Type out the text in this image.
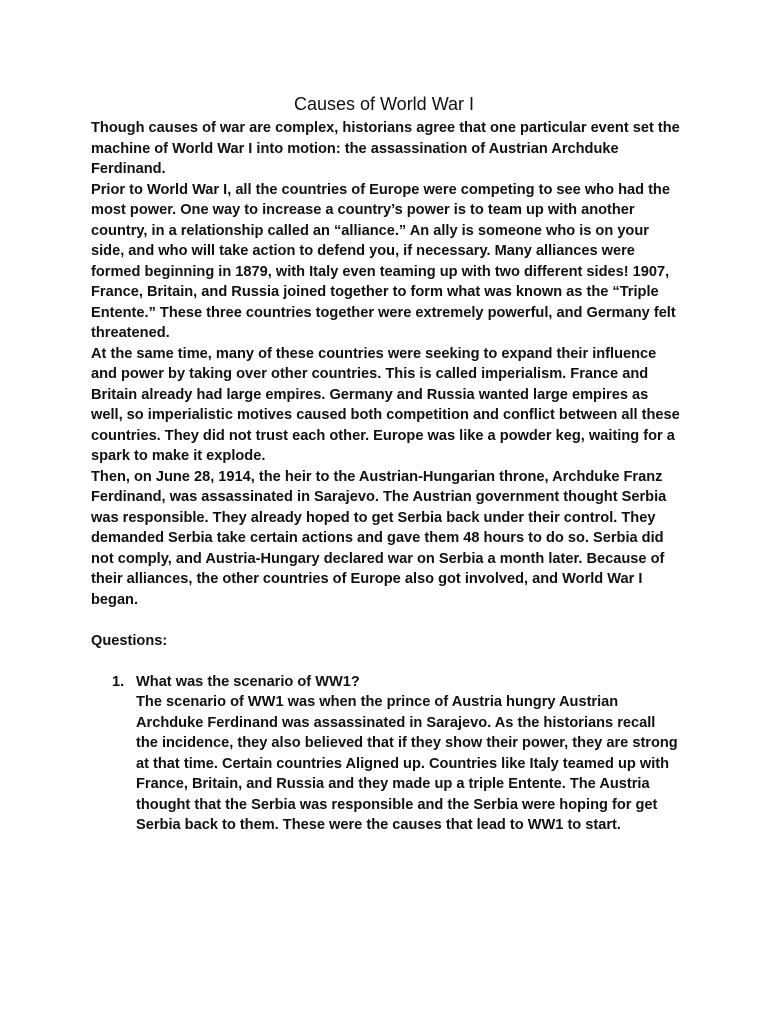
Causes of World War I

Though causes of war are complex, historians agree that one particular event set the machine of World War I into motion: the assassination of Austrian Archduke Ferdinand.

Prior to World War I, all the countries of Europe were competing to see who had the most power. One way to increase a country’s power is to team up with another country, in a relationship called an “alliance.” An ally is someone who is on your side, and who will take action to defend you, if necessary. Many alliances were formed beginning in 1879, with Italy even teaming up with two different sides! 1907, France, Britain, and Russia joined together to form what was known as the “Triple Entente.” These three countries together were extremely powerful, and Germany felt threatened.

At the same time, many of these countries were seeking to expand their influence and power by taking over other countries. This is called imperialism. France and Britain already had large empires. Germany and Russia wanted large empires as well, so imperialistic motives caused both competition and conflict between all these countries. They did not trust each other. Europe was like a powder keg, waiting for a spark to make it explode.

Then, on June 28, 1914, the heir to the Austrian-Hungarian throne, Archduke Franz Ferdinand, was assassinated in Sarajevo. The Austrian government thought Serbia was responsible. They already hoped to get Serbia back under their control. They demanded Serbia take certain actions and gave them 48 hours to do so. Serbia did not comply, and Austria-Hungary declared war on Serbia a month later. Because of their alliances, the other countries of Europe also got involved, and World War I began.

Questions:

1. What was the scenario of WW1?
The scenario of WW1 was when the prince of Austria hungry Austrian Archduke Ferdinand was assassinated in Sarajevo. As the historians recall the incidence, they also believed that if they show their power, they are strong at that time. Certain countries Aligned up. Countries like Italy teamed up with France, Britain, and Russia and they made up a triple Entente. The Austria thought that the Serbia was responsible and the Serbia were hoping for get Serbia back to them. These were the causes that lead to WW1 to start.
